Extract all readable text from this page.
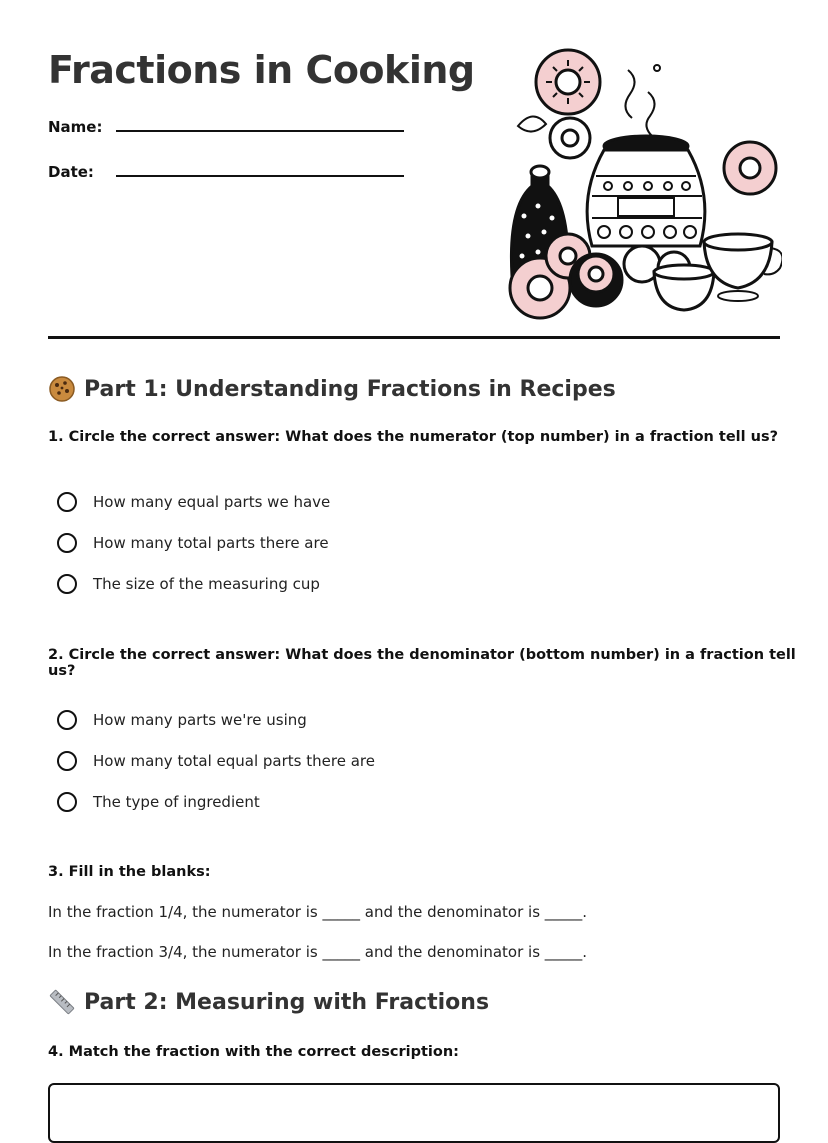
Fractions in Cooking
Name:
Date:
Part 1: Understanding Fractions in Recipes
1. Circle the correct answer: What does the numerator (top number) in a fraction tell us?
How many equal parts we have
How many total parts there are
The size of the measuring cup
2. Circle the correct answer: What does the denominator (bottom number) in a fraction tell us?
How many parts we're using
How many total equal parts there are
The type of ingredient
3. Fill in the blanks:
In the fraction 1/4, the numerator is _____ and the denominator is _____.
In the fraction 3/4, the numerator is _____ and the denominator is _____.
Part 2: Measuring with Fractions
4. Match the fraction with the correct description:
